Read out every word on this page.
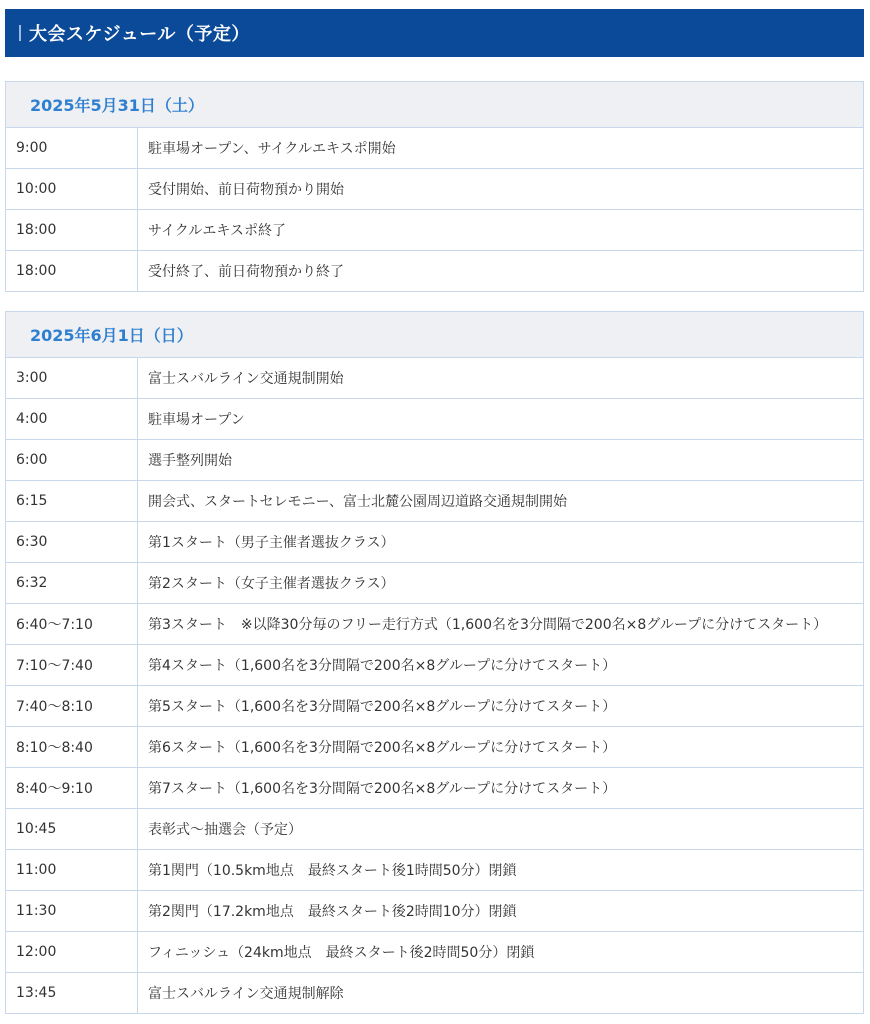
大会スケジュール（予定）
2025年5月31日（土）	
9:00	駐車場オープン、サイクルエキスポ開始
10:00	受付開始、前日荷物預かり開始
18:00	サイクルエキスポ終了
18:00	受付終了、前日荷物預かり終了
2025年6月1日（日）	
3:00	富士スバルライン交通規制開始
4:00	駐車場オープン
6:00	選手整列開始
6:15	開会式、スタートセレモニー、富士北麓公園周辺道路交通規制開始
6:30	第1スタート（男子主催者選抜クラス）
6:32	第2スタート（女子主催者選抜クラス）
6:40～7:10	第3スタート　※以降30分毎のフリー走行方式（1,600名を3分間隔で200名×8グループに分けてスタート）
7:10～7:40	第4スタート（1,600名を3分間隔で200名×8グループに分けてスタート）
7:40～8:10	第5スタート（1,600名を3分間隔で200名×8グループに分けてスタート）
8:10～8:40	第6スタート（1,600名を3分間隔で200名×8グループに分けてスタート）
8:40～9:10	第7スタート（1,600名を3分間隔で200名×8グループに分けてスタート）
10:45	表彰式～抽選会（予定）
11:00	第1関門（10.5km地点　最終スタート後1時間50分）閉鎖
11:30	第2関門（17.2km地点　最終スタート後2時間10分）閉鎖
12:00	フィニッシュ（24km地点　最終スタート後2時間50分）閉鎖
13:45	富士スバルライン交通規制解除
